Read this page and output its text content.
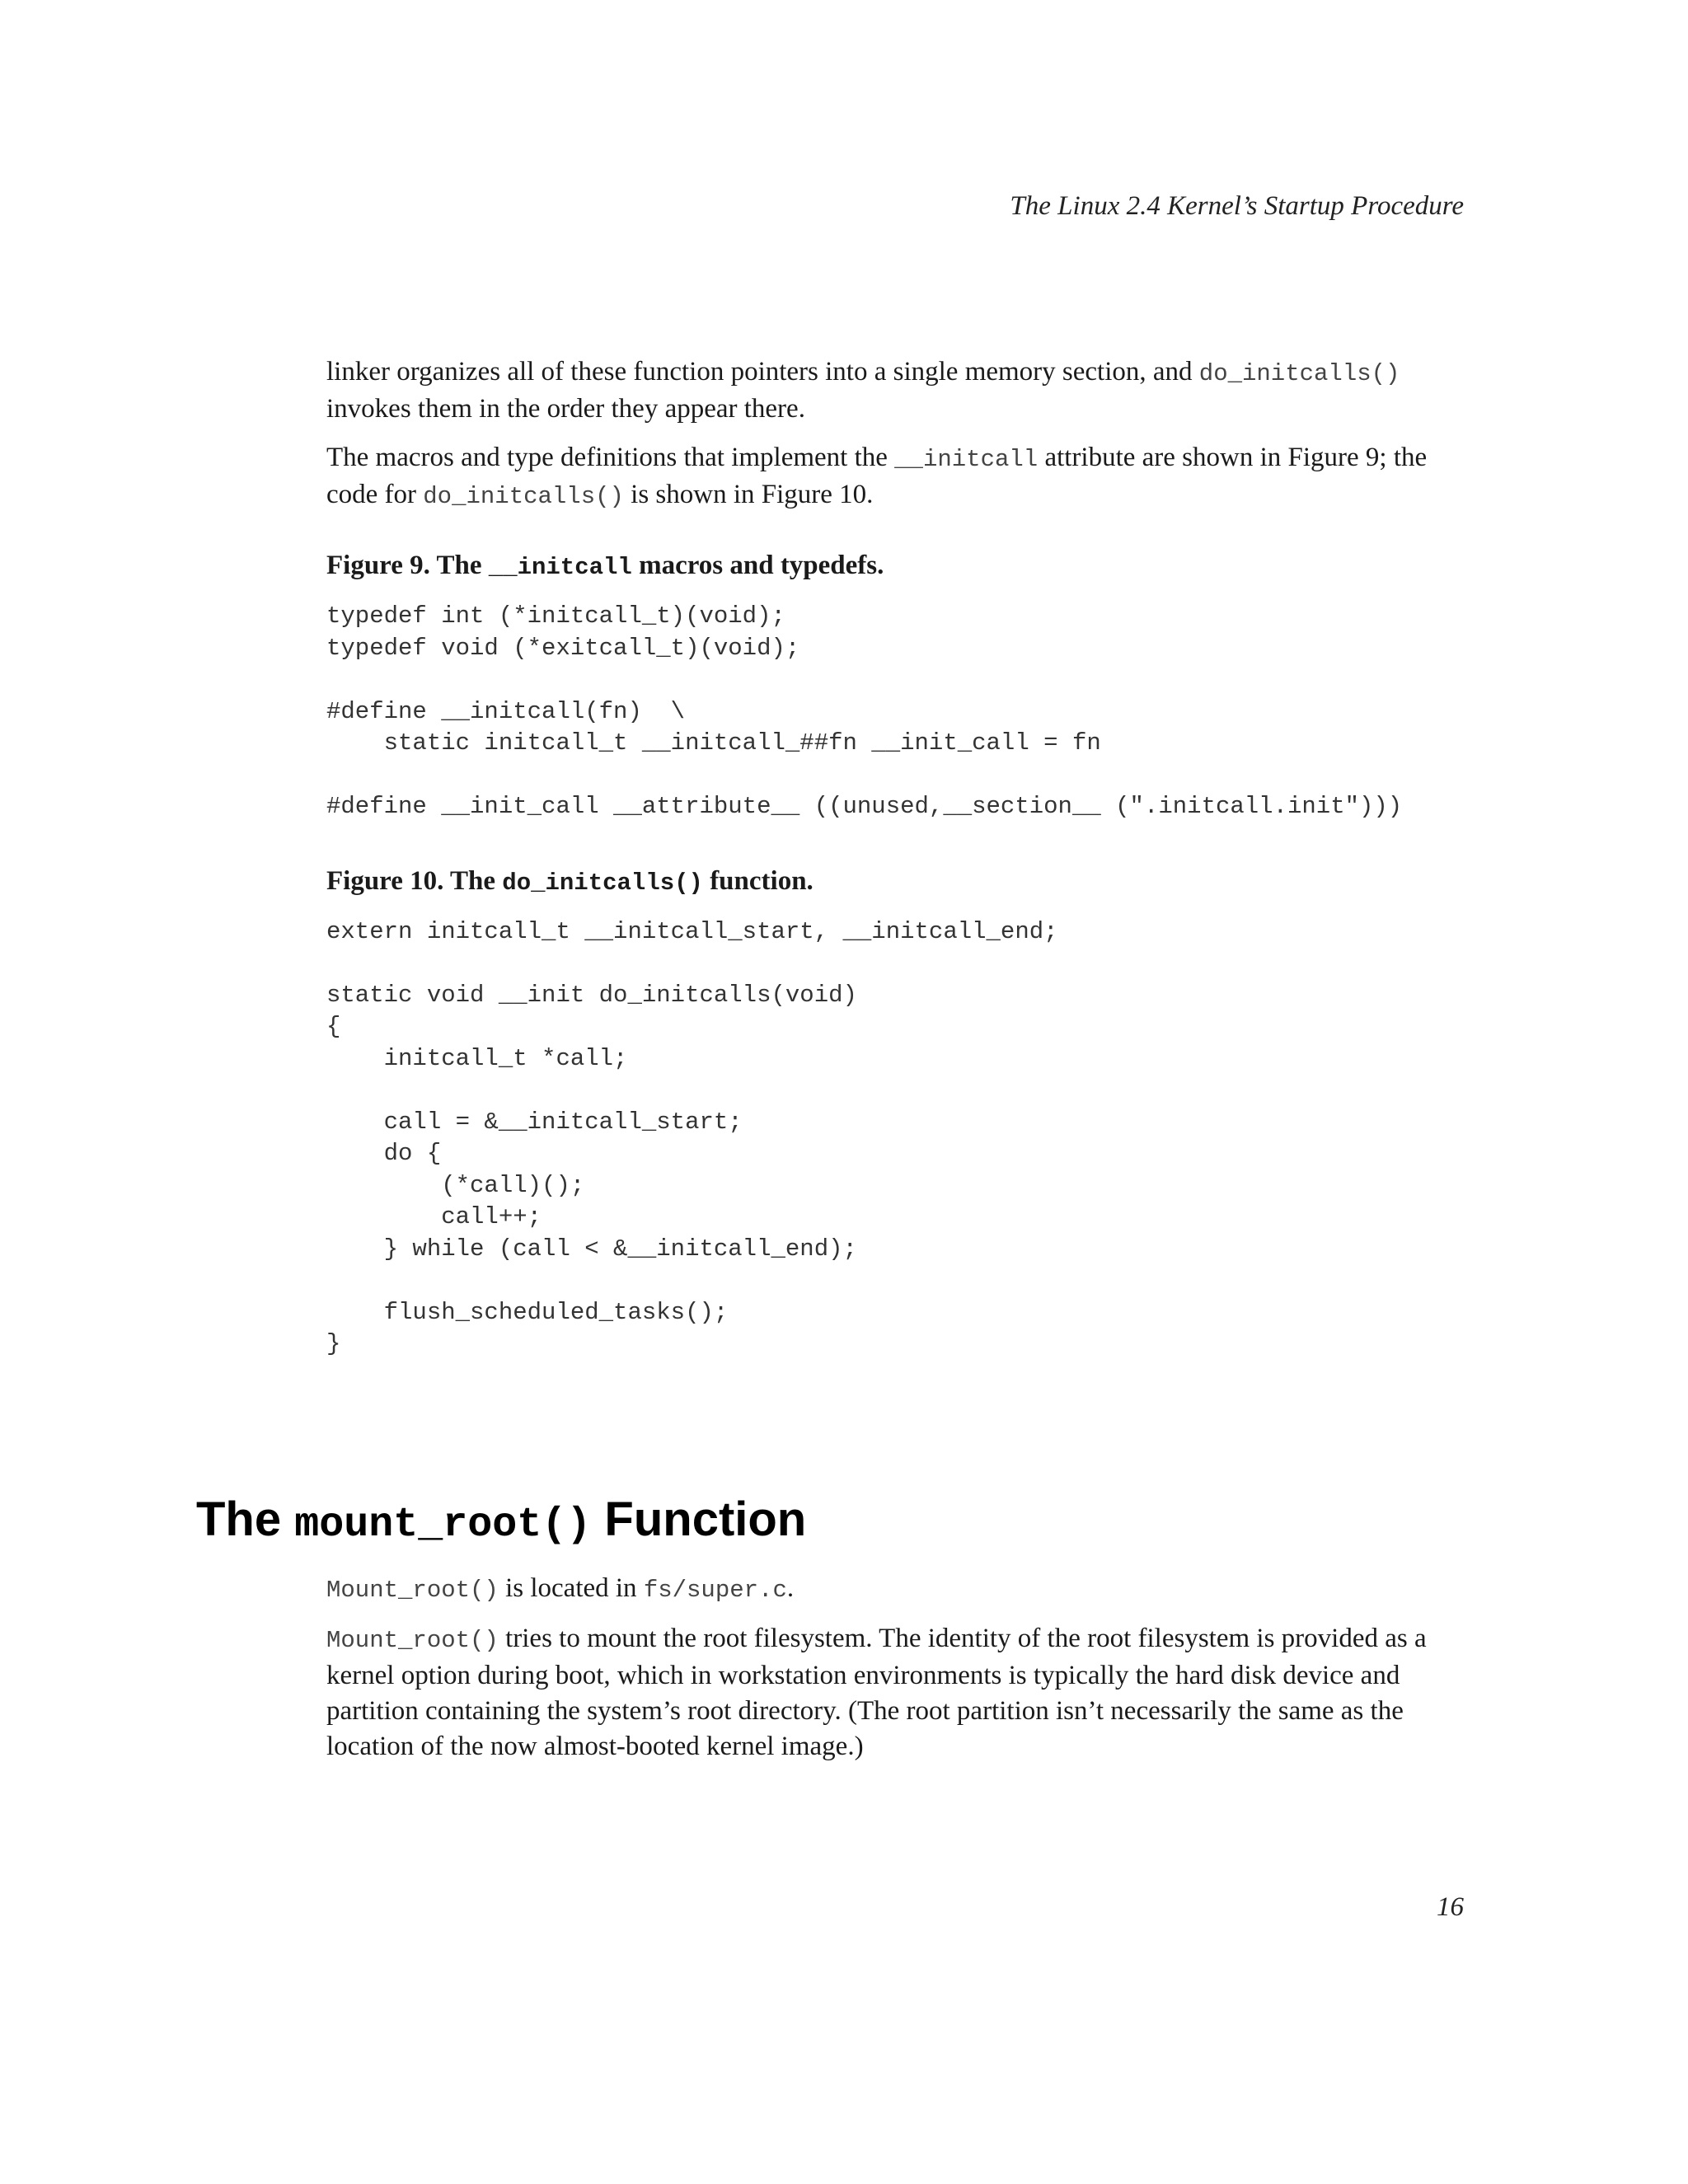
The Linux 2.4 Kernel’s Startup Procedure

linker organizes all of these function pointers into a single memory section, and do_initcalls()
invokes them in the order they appear there.

The macros and type definitions that implement the __initcall attribute are shown in Figure 9; the code for do_initcalls() is shown in Figure 10.

Figure 9. The __initcall macros and typedefs.
typedef int (*initcall_t)(void);
typedef void (*exitcall_t)(void);

#define __initcall(fn)  \
static initcall_t __initcall_##fn __init_call = fn

#define __init_call __attribute__ ((unused,__section__ (".initcall.init")))
Figure 10. The do_initcalls() function.
extern initcall_t __initcall_start, __initcall_end;

static void __init do_initcalls(void)
{
initcall_t *call;

call = &__initcall_start;
do {
(*call)();
call++;
} while (call < &__initcall_end);

flush_scheduled_tasks();
}
The mount_root() Function

Mount_root() is located in fs/super.c.

Mount_root() tries to mount the root filesystem. The identity of the root filesystem is provided as a kernel option during boot, which in workstation environments is typically the hard disk device and partition containing the system’s root directory. (The root partition isn’t necessarily the same as the location of the now almost-booted kernel image.)

16
